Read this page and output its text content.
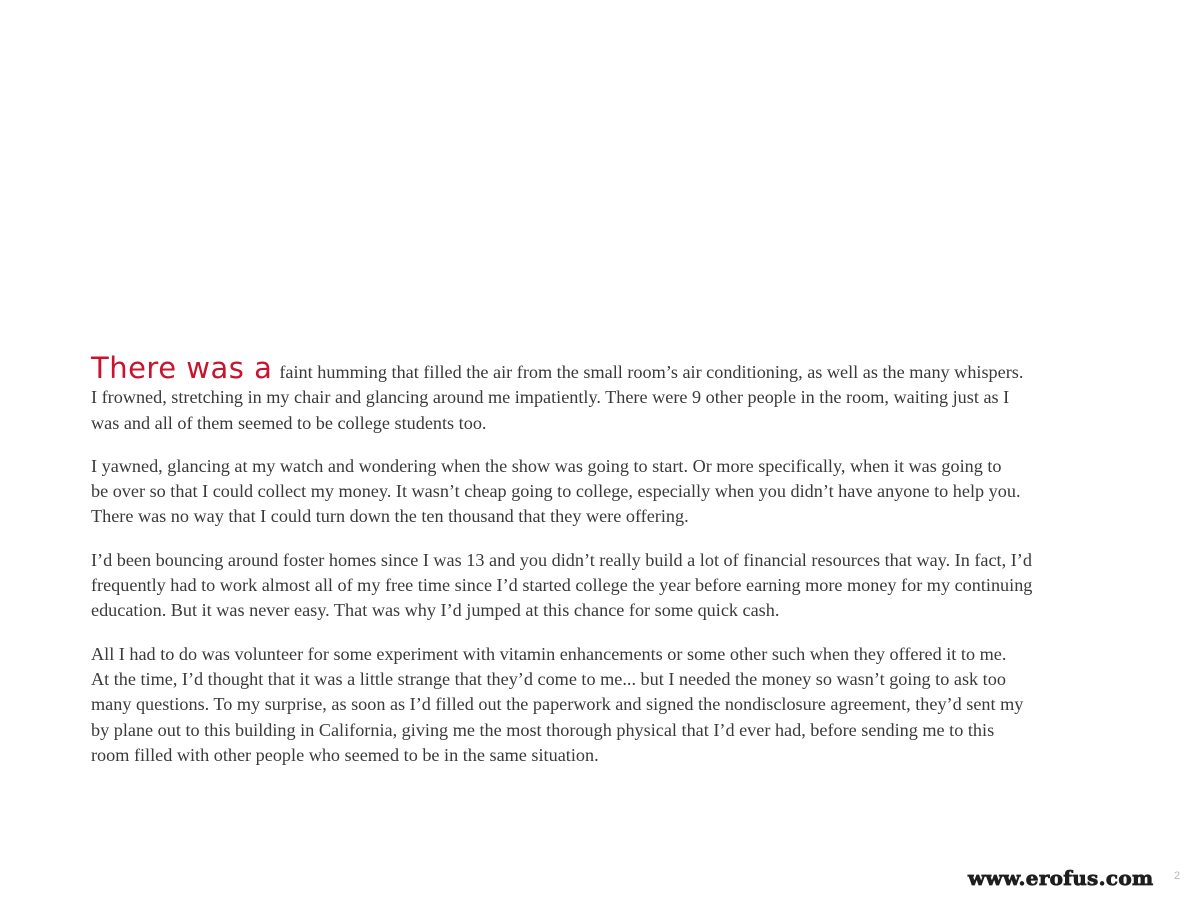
There was a faint humming that filled the air from the small room’s air conditioning, as well as the many whispers.
I frowned, stretching in my chair and glancing around me impatiently. There were 9 other people in the room, waiting just as I
was and all of them seemed to be college students too.

I yawned, glancing at my watch and wondering when the show was going to start. Or more specifically, when it was going to
be over so that I could collect my money. It wasn’t cheap going to college, especially when you didn’t have anyone to help you.
There was no way that I could turn down the ten thousand that they were offering.

I’d been bouncing around foster homes since I was 13 and you didn’t really build a lot of financial resources that way. In fact, I’d
frequently had to work almost all of my free time since I’d started college the year before earning more money for my continuing
education. But it was never easy. That was why I’d jumped at this chance for some quick cash.

All I had to do was volunteer for some experiment with vitamin enhancements or some other such when they offered it to me.
At the time, I’d thought that it was a little strange that they’d come to me... but I needed the money so wasn’t going to ask too
many questions. To my surprise, as soon as I’d filled out the paperwork and signed the nondisclosure agreement, they’d sent my
by plane out to this building in California, giving me the most thorough physical that I’d ever had, before sending me to this
room filled with other people who seemed to be in the same situation.

www.erofus.com 2
